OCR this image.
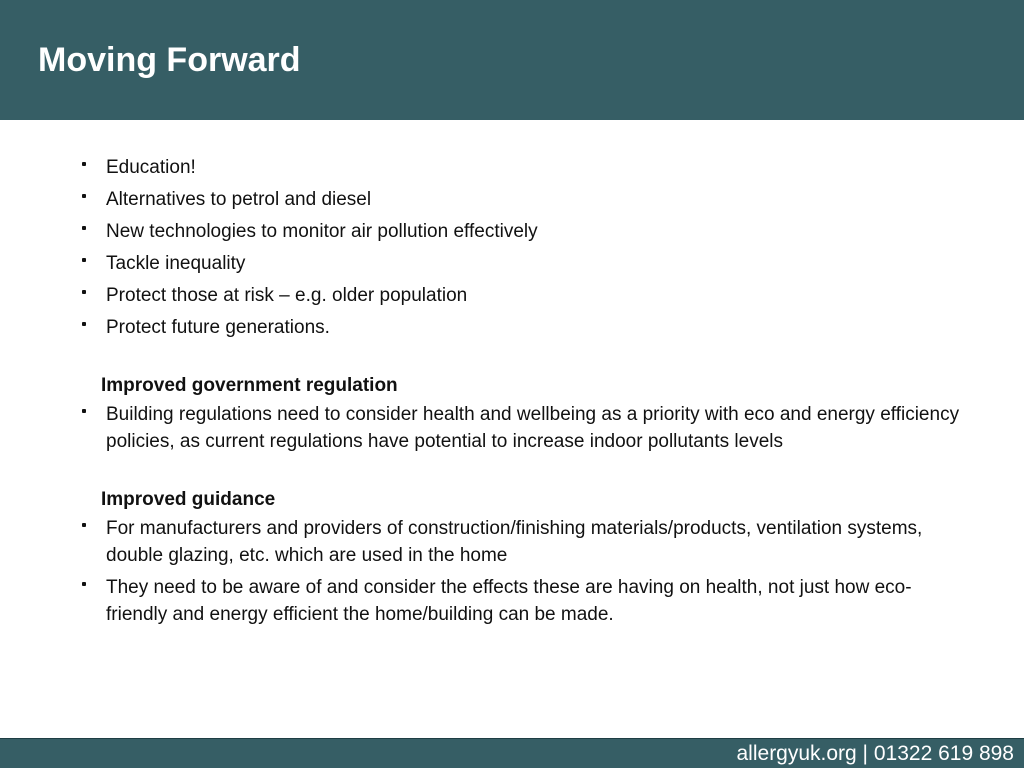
Moving Forward
Education!
Alternatives to petrol and diesel
New technologies to monitor air pollution effectively
Tackle inequality
Protect those at risk – e.g. older population
Protect future generations.
Improved government regulation
Building regulations need to consider health and wellbeing as a priority with eco and energy efficiency policies, as current regulations have potential to increase indoor pollutants levels
Improved guidance
For manufacturers and providers of construction/finishing materials/products, ventilation systems, double glazing, etc. which are used in the home
They need to be aware of and consider the effects these are having on health, not just how eco-friendly and energy efficient the home/building can be made.
allergyuk.org | 01322 619 898
